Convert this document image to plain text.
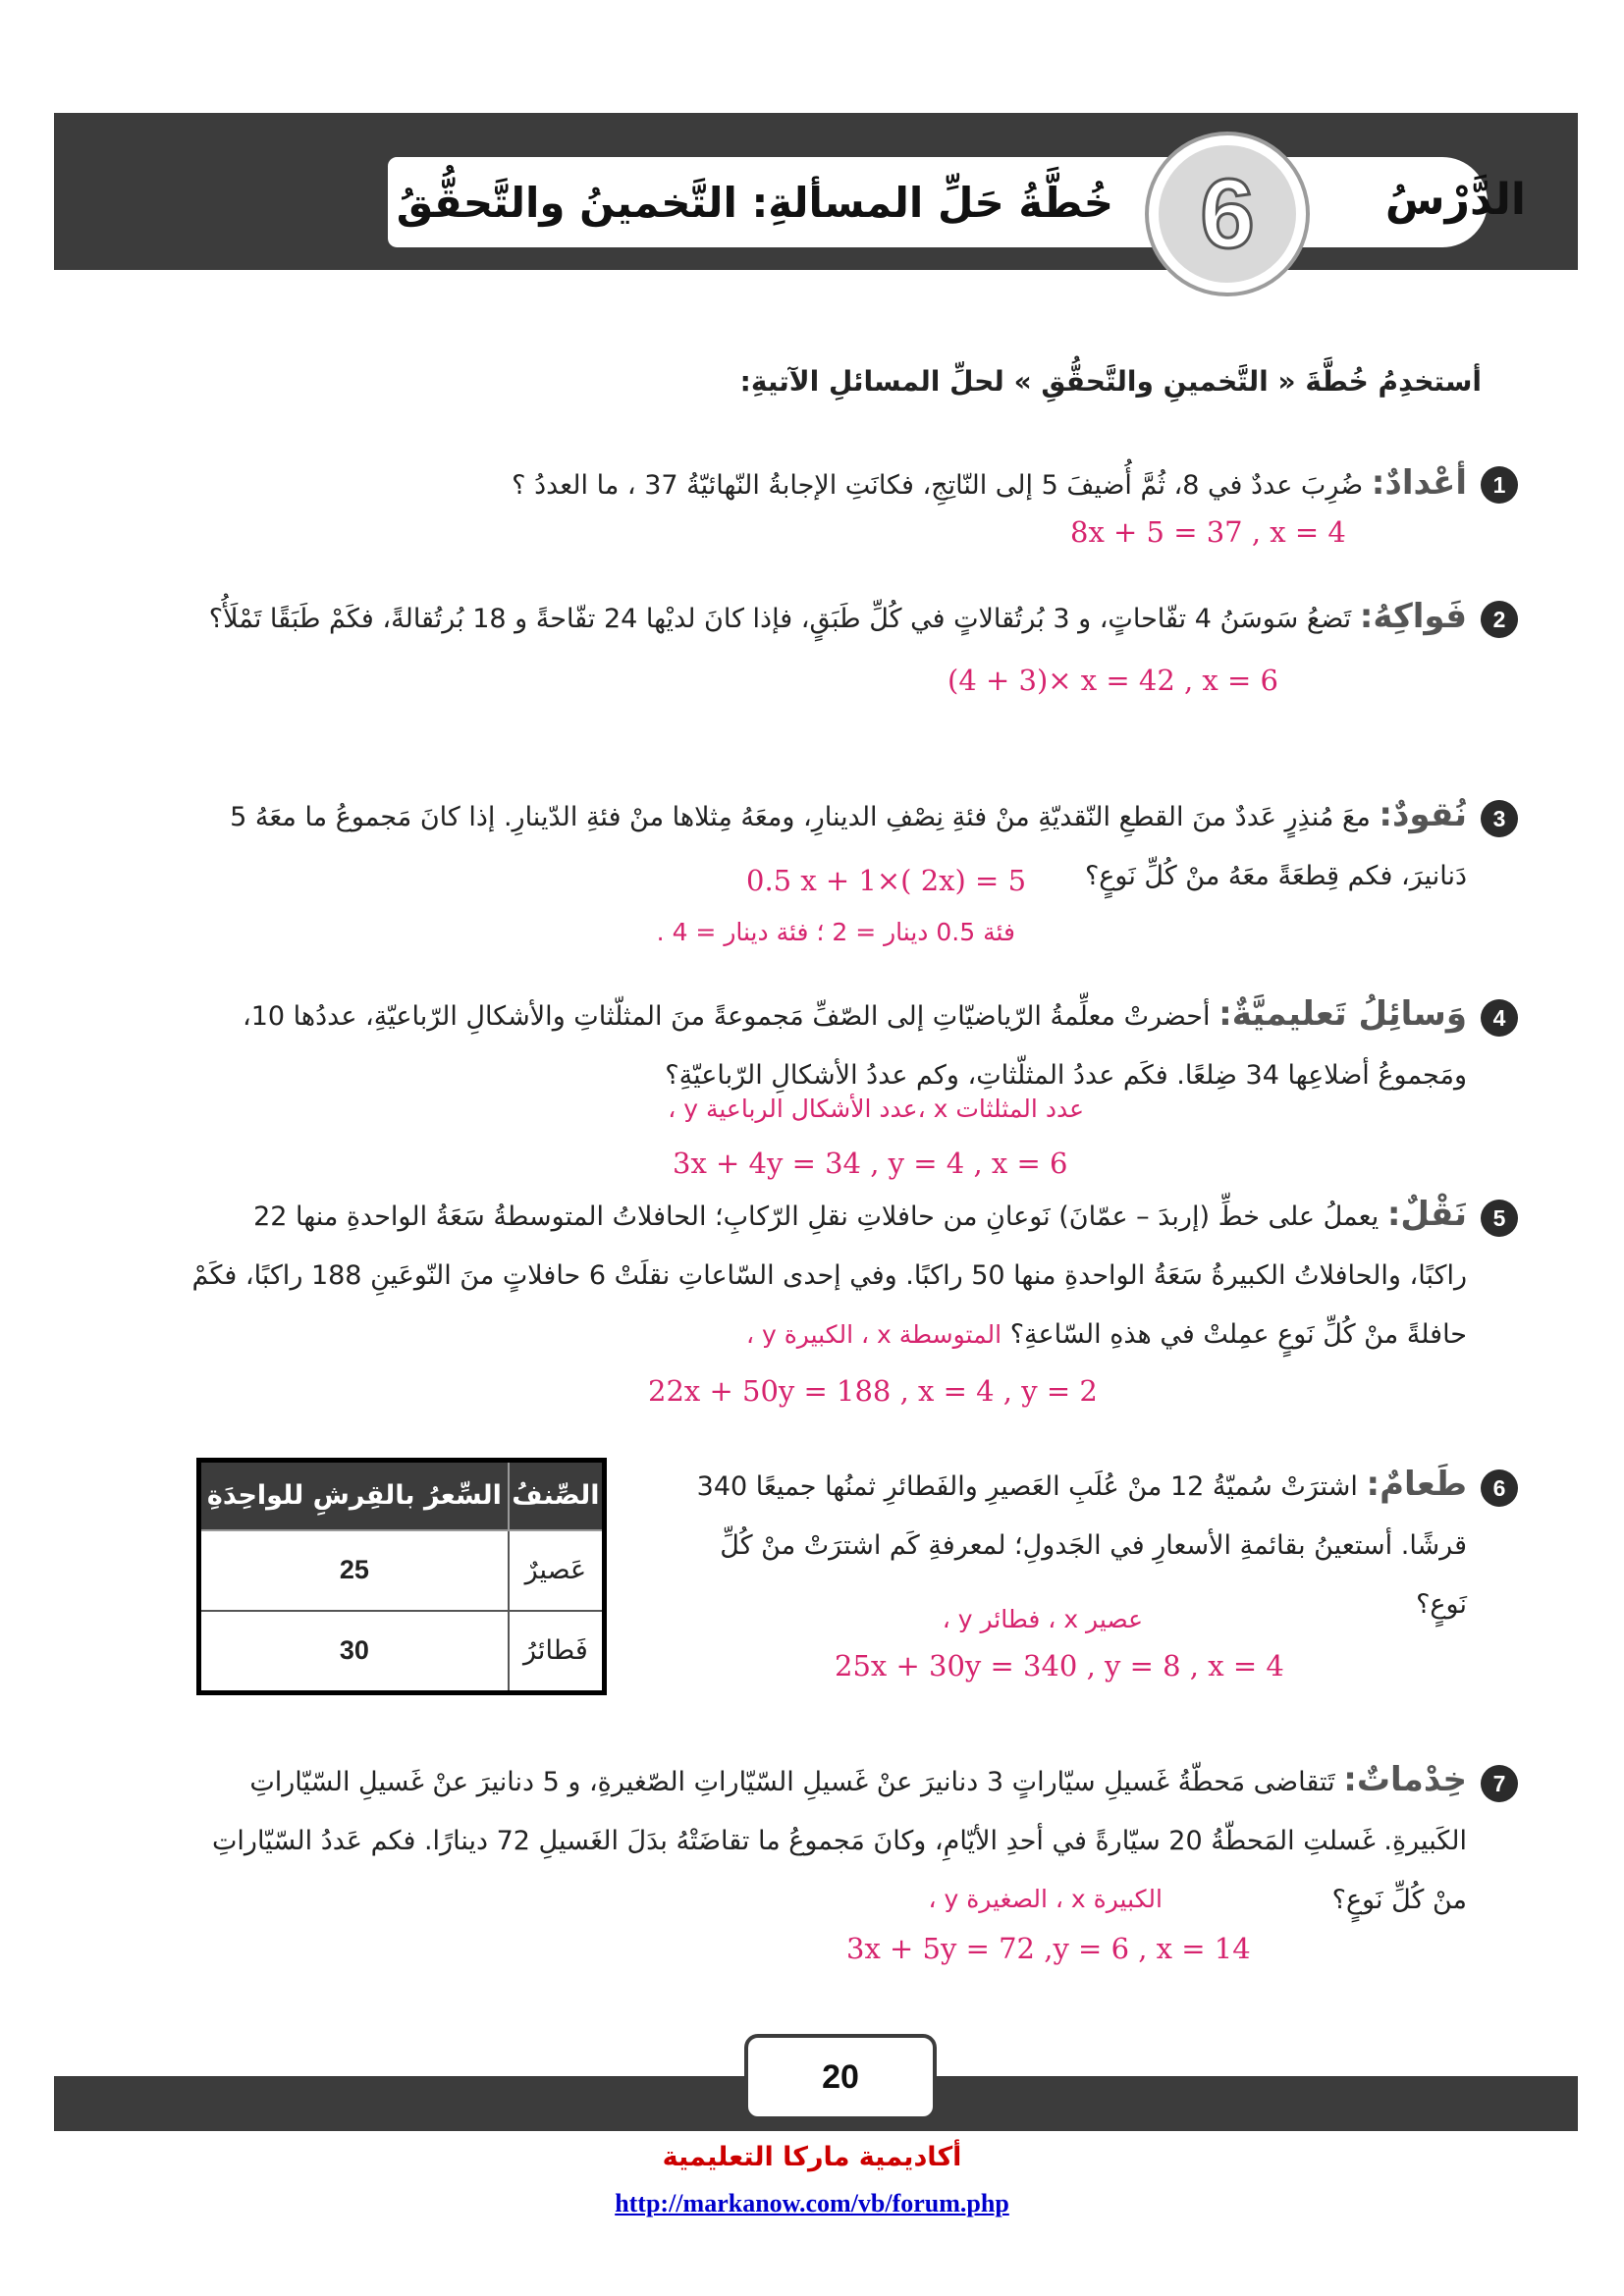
الدَّرْسُ
6
خُطَّةُ حَلِّ المسألةِ: التَّخمينُ والتَّحقُّقُ
أستخدِمُ خُطَّةَ « التَّخمينِ والتَّحقُّقِ » لحلِّ المسائلِ الآتيةِ:
1
أعْدادٌ: ضُرِبَ عددٌ في 8، ثُمَّ أُضيفَ 5 إلى النّاتِجِ، فكانَتِ الإجابةُ النّهائيّةُ 37 ، ما العددُ ؟
8x + 5 = 37 , x = 4
2
فَواكِهُ: تَضعُ سَوسَنُ 4 تفّاحاتٍ، و 3 بُرتُقالاتٍ في كُلِّ طَبَقٍ، فإذا كانَ لديْها 24 تفّاحةً و 18 بُرتُقالةً، فكَمْ طَبَقًا تَمْلَأُ؟
(4 + 3)× x = 42 , x = 6
3
نُقودٌ: معَ مُنذِرٍ عَددٌ منَ القطعِ النّقديّةِ منْ فئةِ نِصْفِ الدينارِ، ومعَهُ مِثلاها منْ فئةِ الدّينارِ. إذا كانَ مَجموعُ ما معَهُ 5 دَنانيرَ، فكم قِطعَةً معَهُ منْ كُلِّ نَوعٍ؟
0.5 x + 1×( 2x) = 5
فئة 0.5 دينار = 2 ؛ فئة دينار = 4 .
4
وَسائِلُ تَعليميَّةٌ: أحضرتْ معلِّمةُ الرّياضيّاتِ إلى الصّفِّ مَجموعةً منَ المثلّثاتِ والأشكالِ الرّباعيّةِ، عددُها 10، ومَجموعُ أضلاعِها 34 ضِلعًا. فكَم عددُ المثلّثاتِ، وكم عددُ الأشكالِ الرّباعيّةِ؟
عدد المثلثات x ،عدد الأشكال الرباعية y ،
3x + 4y = 34 , y = 4 , x = 6
5
نَقْلٌ: يعملُ على خطِّ (إربدَ – عمّانَ) نَوعانِ من حافلاتِ نقلِ الرّكابِ؛ الحافلاتُ المتوسطةُ سَعَةُ الواحدةِ منها 22 راكبًا، والحافلاتُ الكبيرةُ سَعَةُ الواحدةِ منها 50 راكبًا. وفي إحدى السّاعاتِ نقلَتْ 6 حافلاتٍ منَ النّوعَينِ 188 راكبًا، فكَمْ حافلةً منْ كُلِّ نَوعٍ عمِلتْ في هذهِ السّاعةِ؟ المتوسطة x ، الكبيرة y ،
22x + 50y = 188 , x = 4 , y = 2
6
طَعامٌ: اشترَتْ سُميّةُ 12 منْ عُلَبِ العَصيرِ والفَطائرِ ثمنُها جميعًا 340 قرشًا. أستعينُ بقائمةِ الأسعارِ في الجَدولِ؛ لمعرفةِ كَم اشترَتْ منْ كُلِّ نَوعٍ؟
عصير x ، فطائر y ،
25x + 30y = 340 , y = 8 , x = 4
الصِّنفُ	السِّعرُ بالقِرشِ للواحِدَةِ
عَصيرٌ	25
فَطائرُ	30
7
خِدْماتٌ: تَتقاضى مَحطّةُ غَسيلِ سيّاراتٍ 3 دنانيرَ عنْ غَسيلِ السّيّاراتِ الصّغيرةِ، و 5 دنانيرَ عنْ غَسيلِ السّيّاراتِ الكَبيرةِ. غَسلتِ المَحطّةُ 20 سيّارةً في أحدِ الأيّامِ، وكانَ مَجموعُ ما تقاضَتْهُ بدَلَ الغَسيلِ 72 دينارًا. فكم عَددُ السّيّاراتِ منْ كُلِّ نَوعٍ؟
الكبيرة x ، الصغيرة y ،
3x + 5y = 72 ,y = 6 , x = 14
20
أكاديمية ماركا التعليمية
http://markanow.com/vb/forum.php
